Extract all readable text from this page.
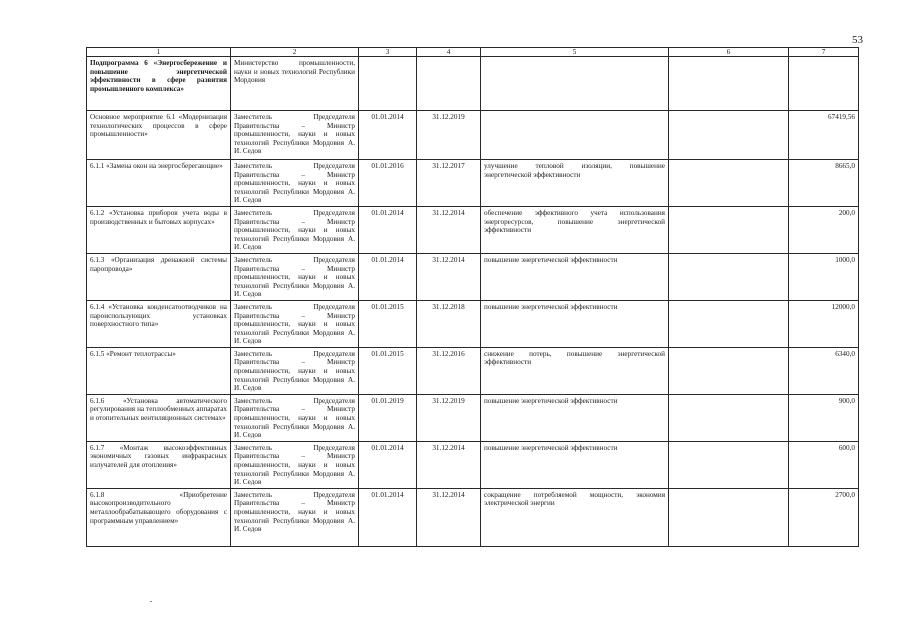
53
1	2	3	4	5	6	7
Подпрограмма 6 «Энергосбережение и повышение энергетической эффективности в сфере развития промышленного комплекса»	Министерство промышленности, науки и новых технологий Республики Мордовия					
Основное мероприятие 6.1 «Модернизация технологических процессов в сфере промышленности»	Заместитель Председателя Правительства – Министр промышленности, науки и новых технологий Республики Мордовия А. И. Седов	01.01.2014	31.12.2019			67419,56
6.1.1 «Замена окон на энергосберегающие»	Заместитель Председателя Правительства – Министр промышленности, науки и новых технологий Республики Мордовия А. И. Седов	01.01.2016	31.12.2017	улучшение тепловой изоляции, повышение энергетической эффективности		8665,0
6.1.2 «Установка приборов учета воды в производственных и бытовых корпусах»	Заместитель Председателя Правительства – Министр промышленности, науки и новых технологий Республики Мордовия А. И. Седов	01.01.2014	31.12.2014	обеспечение эффективного учета использования энергоресурсов, повышение энергетической эффективности		200,0
6.1.3 «Организация дренажной системы паропровода»	Заместитель Председателя Правительства – Министр промышленности, науки и новых технологий Республики Мордовия А. И. Седов	01.01.2014	31.12.2014	повышение энергетической эффективности		1000,0
6.1.4 «Установка конденсатоотводчиков на пароиспользующих установках поверхностного типа»	Заместитель Председателя Правительства – Министр промышленности, науки и новых технологий Республики Мордовия А. И. Седов	01.01.2015	31.12.2018	повышение энергетической эффективности		12000,0
6.1.5 «Ремонт теплотрассы»	Заместитель Председателя Правительства – Министр промышленности, науки и новых технологий Республики Мордовия А. И. Седов	01.01.2015	31.12.2016	снижение потерь, повышение энергетической эффективности		6340,0
6.1.6 «Установка автоматического регулирования на теплообменных аппаратах и отопительных вентиляционных системах»	Заместитель Председателя Правительства – Министр промышленности, науки и новых технологий Республики Мордовия А. И. Седов	01.01.2019	31.12.2019	повышение энергетической эффективности		900,0
6.1.7 «Монтаж высокоэффективных экономичных газовых инфракрасных излучателей для отопления»	Заместитель Председателя Правительства – Министр промышленности, науки и новых технологий Республики Мордовия А. И. Седов	01.01.2014	31.12.2014	повышение энергетической эффективности		600,0
6.1.8 «Приобретение высокопроизводительного металлообрабатывающего оборудования с программным управлением»	Заместитель Председателя Правительства – Министр промышленности, науки и новых технологий Республики Мордовия А. И. Седов	01.01.2014	31.12.2014	сокращение потребляемой мощности, экономия электрической энергии		2700,0
